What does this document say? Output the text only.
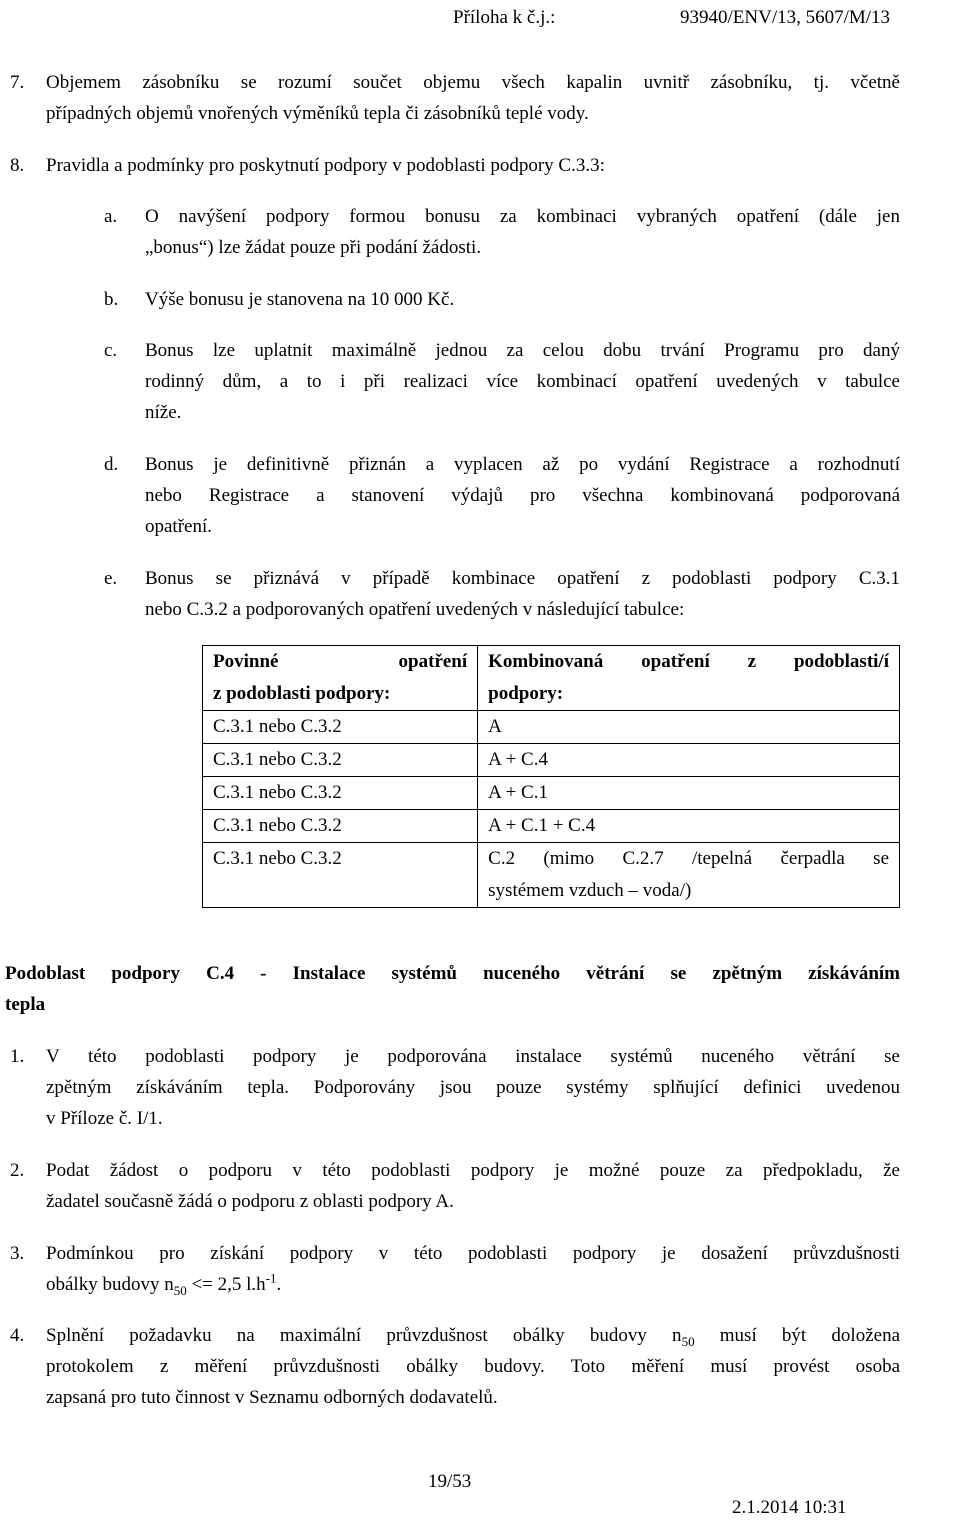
Příloha k č.j.:	93940/ENV/13, 5607/M/13
7. Objemem zásobníku se rozumí součet objemu všech kapalin uvnitř zásobníku, tj. včetně
případných objemů vnořených výměníků tepla či zásobníků teplé vody.
8. Pravidla a podmínky pro poskytnutí podpory v podoblasti podpory C.3.3:
a. O navýšení podpory formou bonusu za kombinaci vybraných opatření (dále jen
„bonus“) lze žádat pouze při podání žádosti.
b. Výše bonusu je stanovena na 10 000 Kč.
c. Bonus lze uplatnit maximálně jednou za celou dobu trvání Programu pro daný
rodinný dům, a to i při realizaci více kombinací opatření uvedených v tabulce
níže.
d. Bonus je definitivně přiznán a vyplacen až po vydání Registrace a rozhodnutí
nebo Registrace a stanovení výdajů pro všechna kombinovaná podporovaná
opatření.
e. Bonus se přiznává v případě kombinace opatření z podoblasti podpory C.3.1
nebo C.3.2 a podporovaných opatření uvedených v následující tabulce:
Povinné opatření
z podoblasti podpory:	Kombinovaná opatření z podoblasti/í
podpory:

C.3.1 nebo C.3.2	A
C.3.1 nebo C.3.2	A + C.4
C.3.1 nebo C.3.2	A + C.1
C.3.1 nebo C.3.2	A + C.1 + C.4
C.3.1 nebo C.3.2	C.2 (mimo C.2.7 /tepelná čerpadla se
systémem vzduch – voda/)
Podoblast podpory C.4 - Instalace systémů nuceného větrání se zpětným získáváním
tepla
1. V této podoblasti podpory je podporována instalace systémů nuceného větrání se
zpětným získáváním tepla. Podporovány jsou pouze systémy splňující definici uvedenou
v Příloze č. I/1.
2. Podat žádost o podporu v této podoblasti podpory je možné pouze za předpokladu, že
žadatel současně žádá o podporu z oblasti podpory A.
3. Podmínkou pro získání podpory v této podoblasti podpory je dosažení průvzdušnosti
obálky budovy $n_{50} <= 2,5$ $l.h^{-1}$.
4. Splnění požadavku na maximální průvzdušnost obálky budovy $n_{50}$ musí být doložena
protokolem z měření průvzdušnosti obálky budovy. Toto měření musí provést osoba
zapsaná pro tuto činnost v Seznamu odborných dodavatelů.
19/53
2.1.2014 10:31
